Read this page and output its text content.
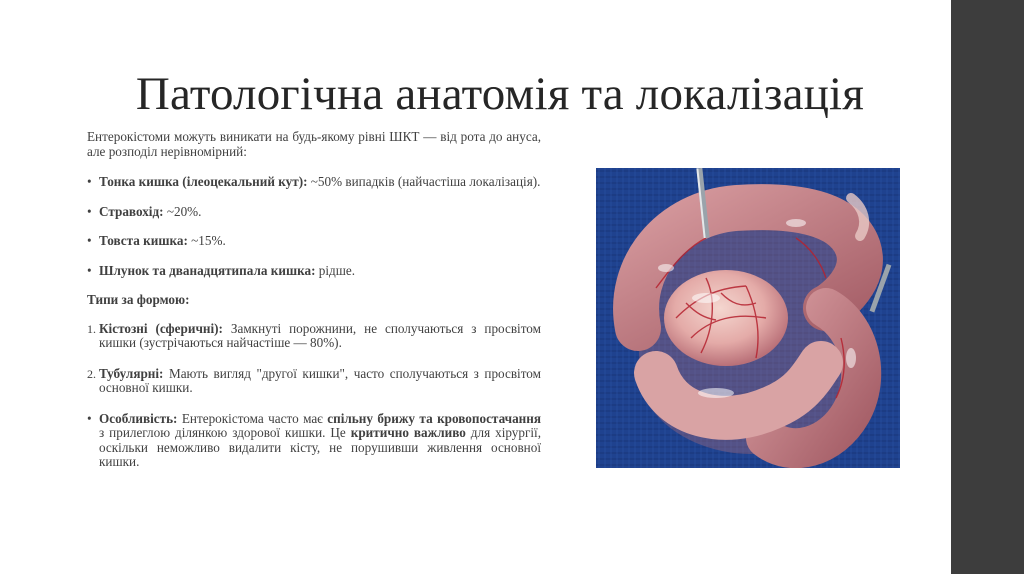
Патологічна анатомія та локалізація

Ентерокістоми можуть виникати на будь-якому рівні ШКТ — від рота до ануса, але розподіл нерівномірний:

• Тонка кишка (ілеоцекальний кут): ~50% випадків (найчастіша локалізація).
• Стравохід: ~20%.
• Товста кишка: ~15%.
• Шлунок та дванадцятипала кишка: рідше.

Типи за формою:

1. Кістозні (сферичні): Замкнуті порожнини, не сполучаються з просвітом кишки (зустрічаються найчастіше — 80%).
2. Тубулярні: Мають вигляд "другої кишки", часто сполучаються з просвітом основної кишки.
• Особливість: Ентерокістома часто має спільну брижу та кровопостачання з прилеглою ділянкою здорової кишки. Це критично важливо для хірургії, оскільки неможливо видалити кісту, не порушивши живлення основної кишки.
